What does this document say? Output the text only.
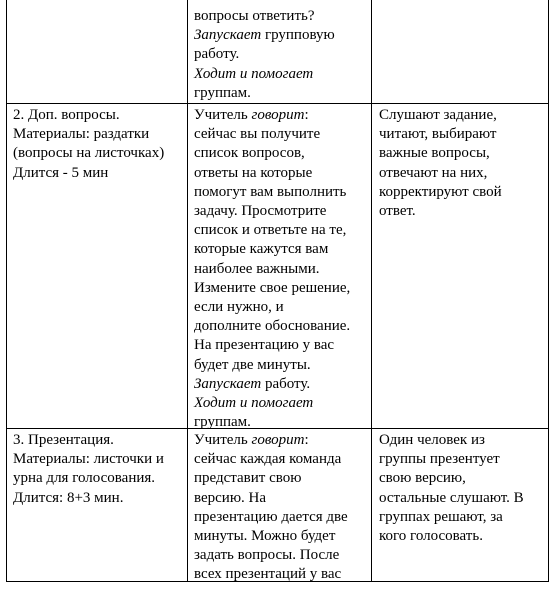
вопросы ответить?

Запускает групповую

работу.

Ходит и помогает

группам.

2. Доп. вопросы.

Материалы: раздатки

(вопросы на листочках)

Длится - 5 мин

Учитель говорит:

сейчас вы получите

список вопросов,

ответы на которые

помогут вам выполнить

задачу. Просмотрите

список и ответьте на те,

которые кажутся вам

наиболее важными.

Измените свое решение,

если нужно, и

дополните обоснование.

На презентацию у вас

будет две минуты.

Запускает работу.

Ходит и помогает

группам.

Слушают задание,

читают, выбирают

важные вопросы,

отвечают на них,

корректируют свой

ответ.

3. Презентация.

Материалы: листочки и

урна для голосования.

Длится: 8+3 мин.

Учитель говорит:

сейчас каждая команда

представит свою

версию. На

презентацию дается две

минуты. Можно будет

задать вопросы. После

всех презентаций у вас

Один человек из

группы презентует

свою версию,

остальные слушают. В

группах решают, за

кого голосовать.
